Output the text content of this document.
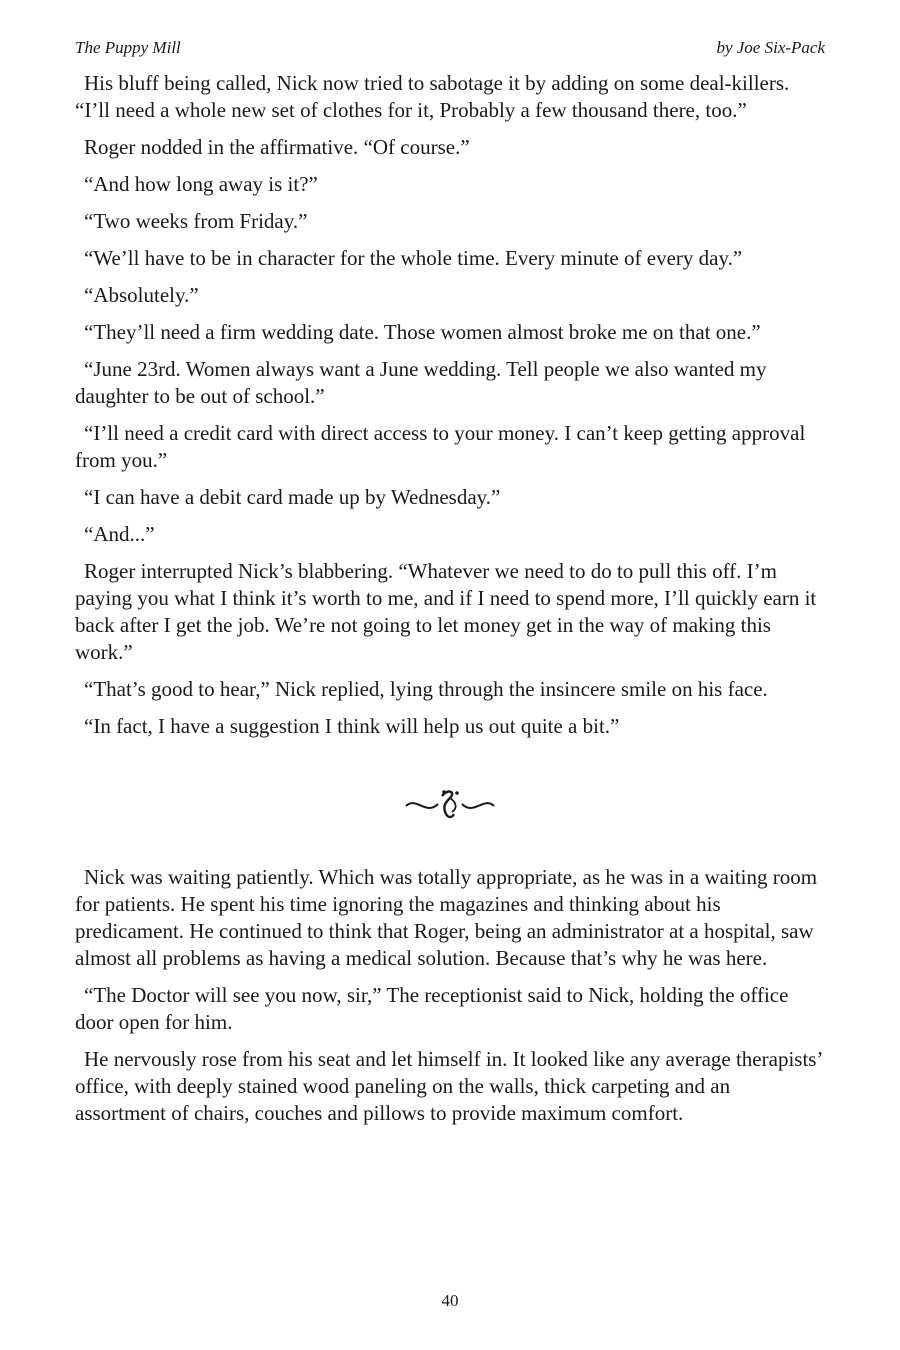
The Puppy Mill	by Joe Six-Pack

His bluff being called, Nick now tried to sabotage it by adding on some deal-killers. “I’ll need a whole new set of clothes for it, Probably a few thousand there, too.”

Roger nodded in the affirmative. “Of course.”

“And how long away is it?”

“Two weeks from Friday.”

“We’ll have to be in character for the whole time. Every minute of every day.”

“Absolutely.”

“They’ll need a firm wedding date. Those women almost broke me on that one.”

“June 23rd. Women always want a June wedding. Tell people we also wanted my daughter to be out of school.”

“I’ll need a credit card with direct access to your money. I can’t keep getting approval from you.”

“I can have a debit card made up by Wednesday.”

“And...”

Roger interrupted Nick’s blabbering. “Whatever we need to do to pull this off. I’m paying you what I think it’s worth to me, and if I need to spend more, I’ll quickly earn it back after I get the job. We’re not going to let money get in the way of making this work.”

“That’s good to hear,” Nick replied, lying through the insincere smile on his face.

“In fact, I have a suggestion I think will help us out quite a bit.”

Nick was waiting patiently. Which was totally appropriate, as he was in a waiting room for patients. He spent his time ignoring the magazines and thinking about his predicament. He continued to think that Roger, being an administrator at a hospital, saw almost all problems as having a medical solution. Because that’s why he was here.

“The Doctor will see you now, sir,” The receptionist said to Nick, holding the office door open for him.

He nervously rose from his seat and let himself in. It looked like any average therapists’ office, with deeply stained wood paneling on the walls, thick carpeting and an assortment of chairs, couches and pillows to provide maximum comfort.

40
